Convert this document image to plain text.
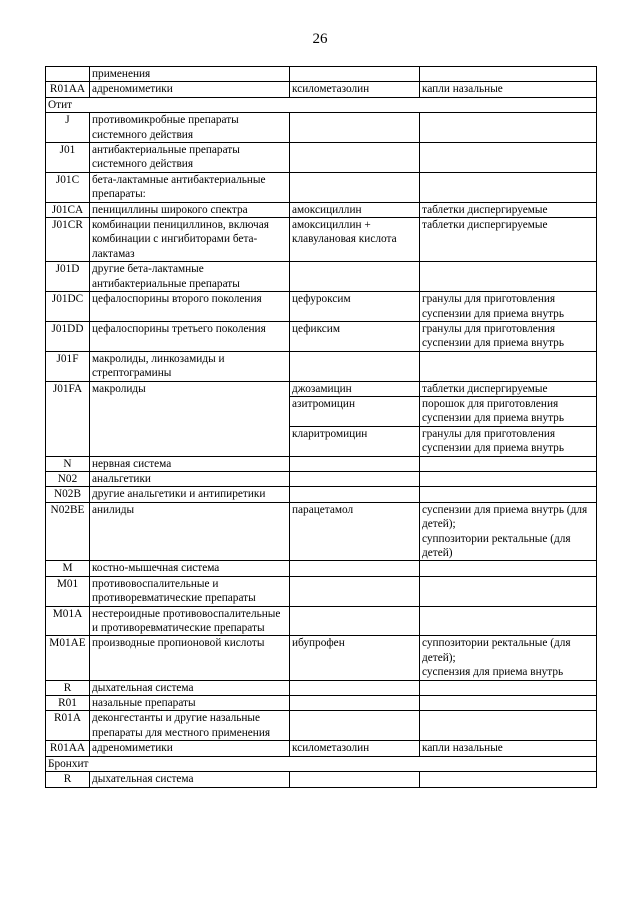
26
	применения		
R01AA	адреномиметики	ксилометазолин	капли назальные
Отит			
J	противомикробные препараты системного действия		
J01	антибактериальные препараты системного действия		
J01C	бета-лактамные антибактериальные препараты:		
J01CA	пенициллины широкого спектра	амоксициллин	таблетки диспергируемые
J01CR	комбинации пенициллинов, включая комбинации с ингибиторами бета-лактамаз	амоксициллин + клавулановая кислота	таблетки диспергируемые
J01D	другие бета-лактамные антибактериальные препараты		
J01DC	цефалоспорины второго поколения	цефуроксим	гранулы для приготовления суспензии для приема внутрь
J01DD	цефалоспорины третьего поколения	цефиксим	гранулы для приготовления суспензии для приема внутрь
J01F	макролиды, линкозамиды и стрептограмины		
J01FA	макролиды	джозамицин	таблетки диспергируемые
		азитромицин	порошок для приготовления суспензии для приема внутрь
		кларитромицин	гранулы для приготовления суспензии для приема внутрь
N	нервная система		
N02	анальгетики		
N02B	другие анальгетики и антипиретики		
N02BE	анилиды	парацетамол	суспензии для приема внутрь (для детей);
суппозитории ректальные (для детей)
M	костно-мышечная система		
M01	противовоспалительные и противоревматические препараты		
M01A	нестероидные противовоспалительные и противоревматические препараты		
M01AE	производные пропионовой кислоты	ибупрофен	суппозитории ректальные (для детей);
суспензия для приема внутрь
R	дыхательная система		
R01	назальные препараты		
R01A	деконгестанты и другие назальные препараты для местного применения		
R01AA	адреномиметики	ксилометазолин	капли назальные
Бронхит			
R	дыхательная система		
